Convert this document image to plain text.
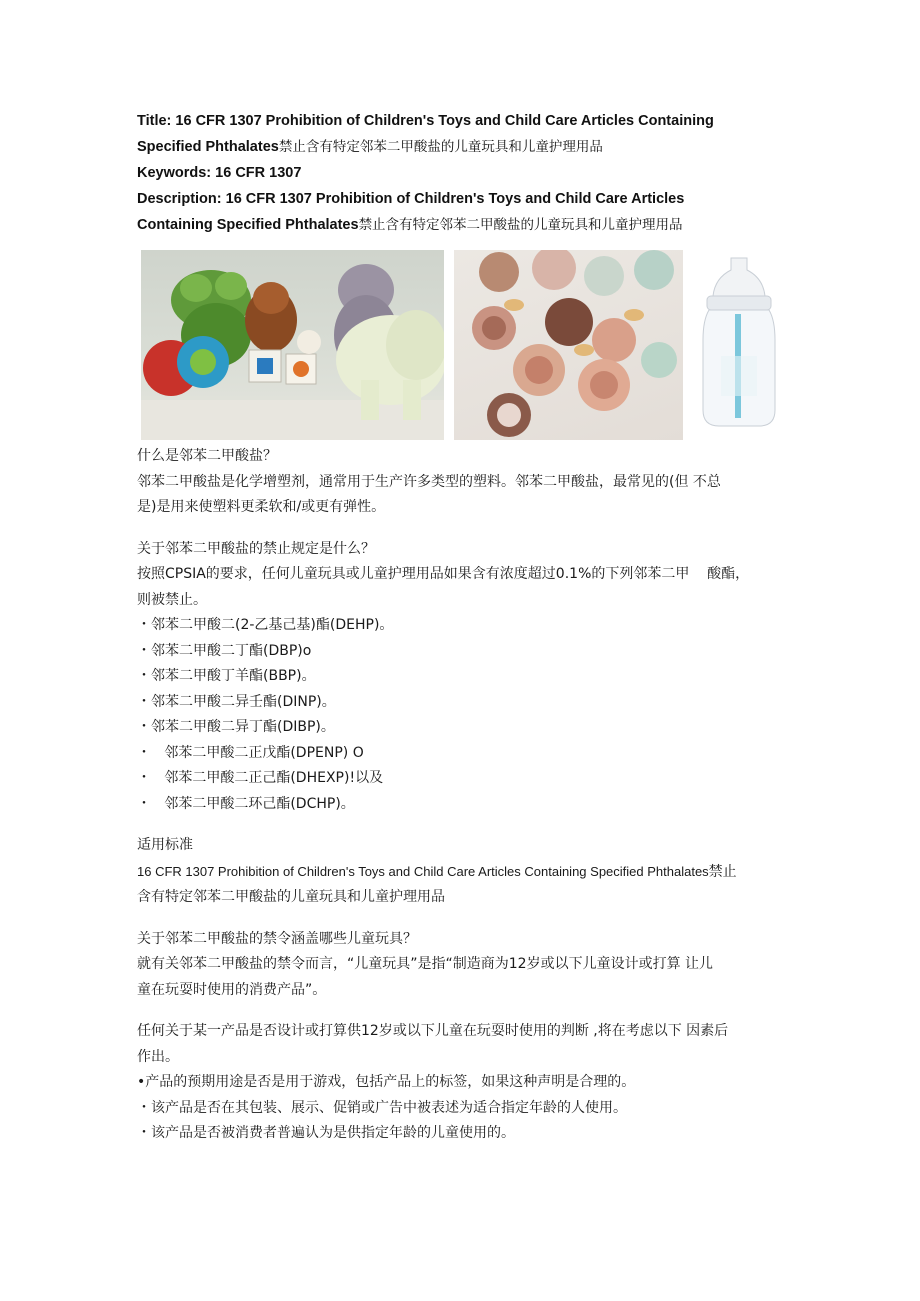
Title: 16 CFR 1307 Prohibition of Children's Toys and Child Care Articles Containing

Specified Phthalates禁止含有特定邻苯二甲酸盐的儿童玩具和儿童护理用品

Keywords: 16 CFR 1307

Description: 16 CFR 1307 Prohibition of Children's Toys and Child Care Articles

Containing Specified Phthalates禁止含有特定邻苯二甲酸盐的儿童玩具和儿童护理用品

什么是邻苯二甲酸盐？

邻苯二甲酸盐是化学增塑剂，通常用于生产许多类型的塑料。邻苯二甲酸盐，最常见的(但 不总

是)是用来使塑料更柔软和/或更有弹性。

关于邻苯二甲酸盐的禁止规定是什么？

按照CPSIA的要求，任何儿童玩具或儿童护理用品如果含有浓度超过0.1%的下列邻苯二甲    酸酯，

则被禁止。

・邻苯二甲酸二(2-乙基己基)酯(DEHP)。

・邻苯二甲酸二丁酯(DBP)o

・邻苯二甲酸丁羊酯(BBP)。

・邻苯二甲酸二异壬酯(DINP)。

・邻苯二甲酸二异丁酯(DIBP)。

・   邻苯二甲酸二正戊酯(DPENP) O

・   邻苯二甲酸二正己酯(DHEXP)!以及

・   邻苯二甲酸二环己酯(DCHP)。

适用标准

16 CFR 1307 Prohibition of Children's Toys and Child Care Articles Containing Specified Phthalates禁止

含有特定邻苯二甲酸盐的儿童玩具和儿童护理用品

关于邻苯二甲酸盐的禁令涵盖哪些儿童玩具？

就有关邻苯二甲酸盐的禁令而言，“儿童玩具”是指“制造商为12岁或以下儿童设计或打算 让儿

童在玩耍时使用的消费产品”。

任何关于某一产品是否设计或打算供12岁或以下儿童在玩耍时使用的判断 ,将在考虑以下 因素后

作出。

•产品的预期用途是否是用于游戏，包括产品上的标签，如果这种声明是合理的。

・该产品是否在其包装、展示、促销或广告中被表述为适合指定年龄的人使用。

・该产品是否被消费者普遍认为是供指定年龄的儿童使用的。
